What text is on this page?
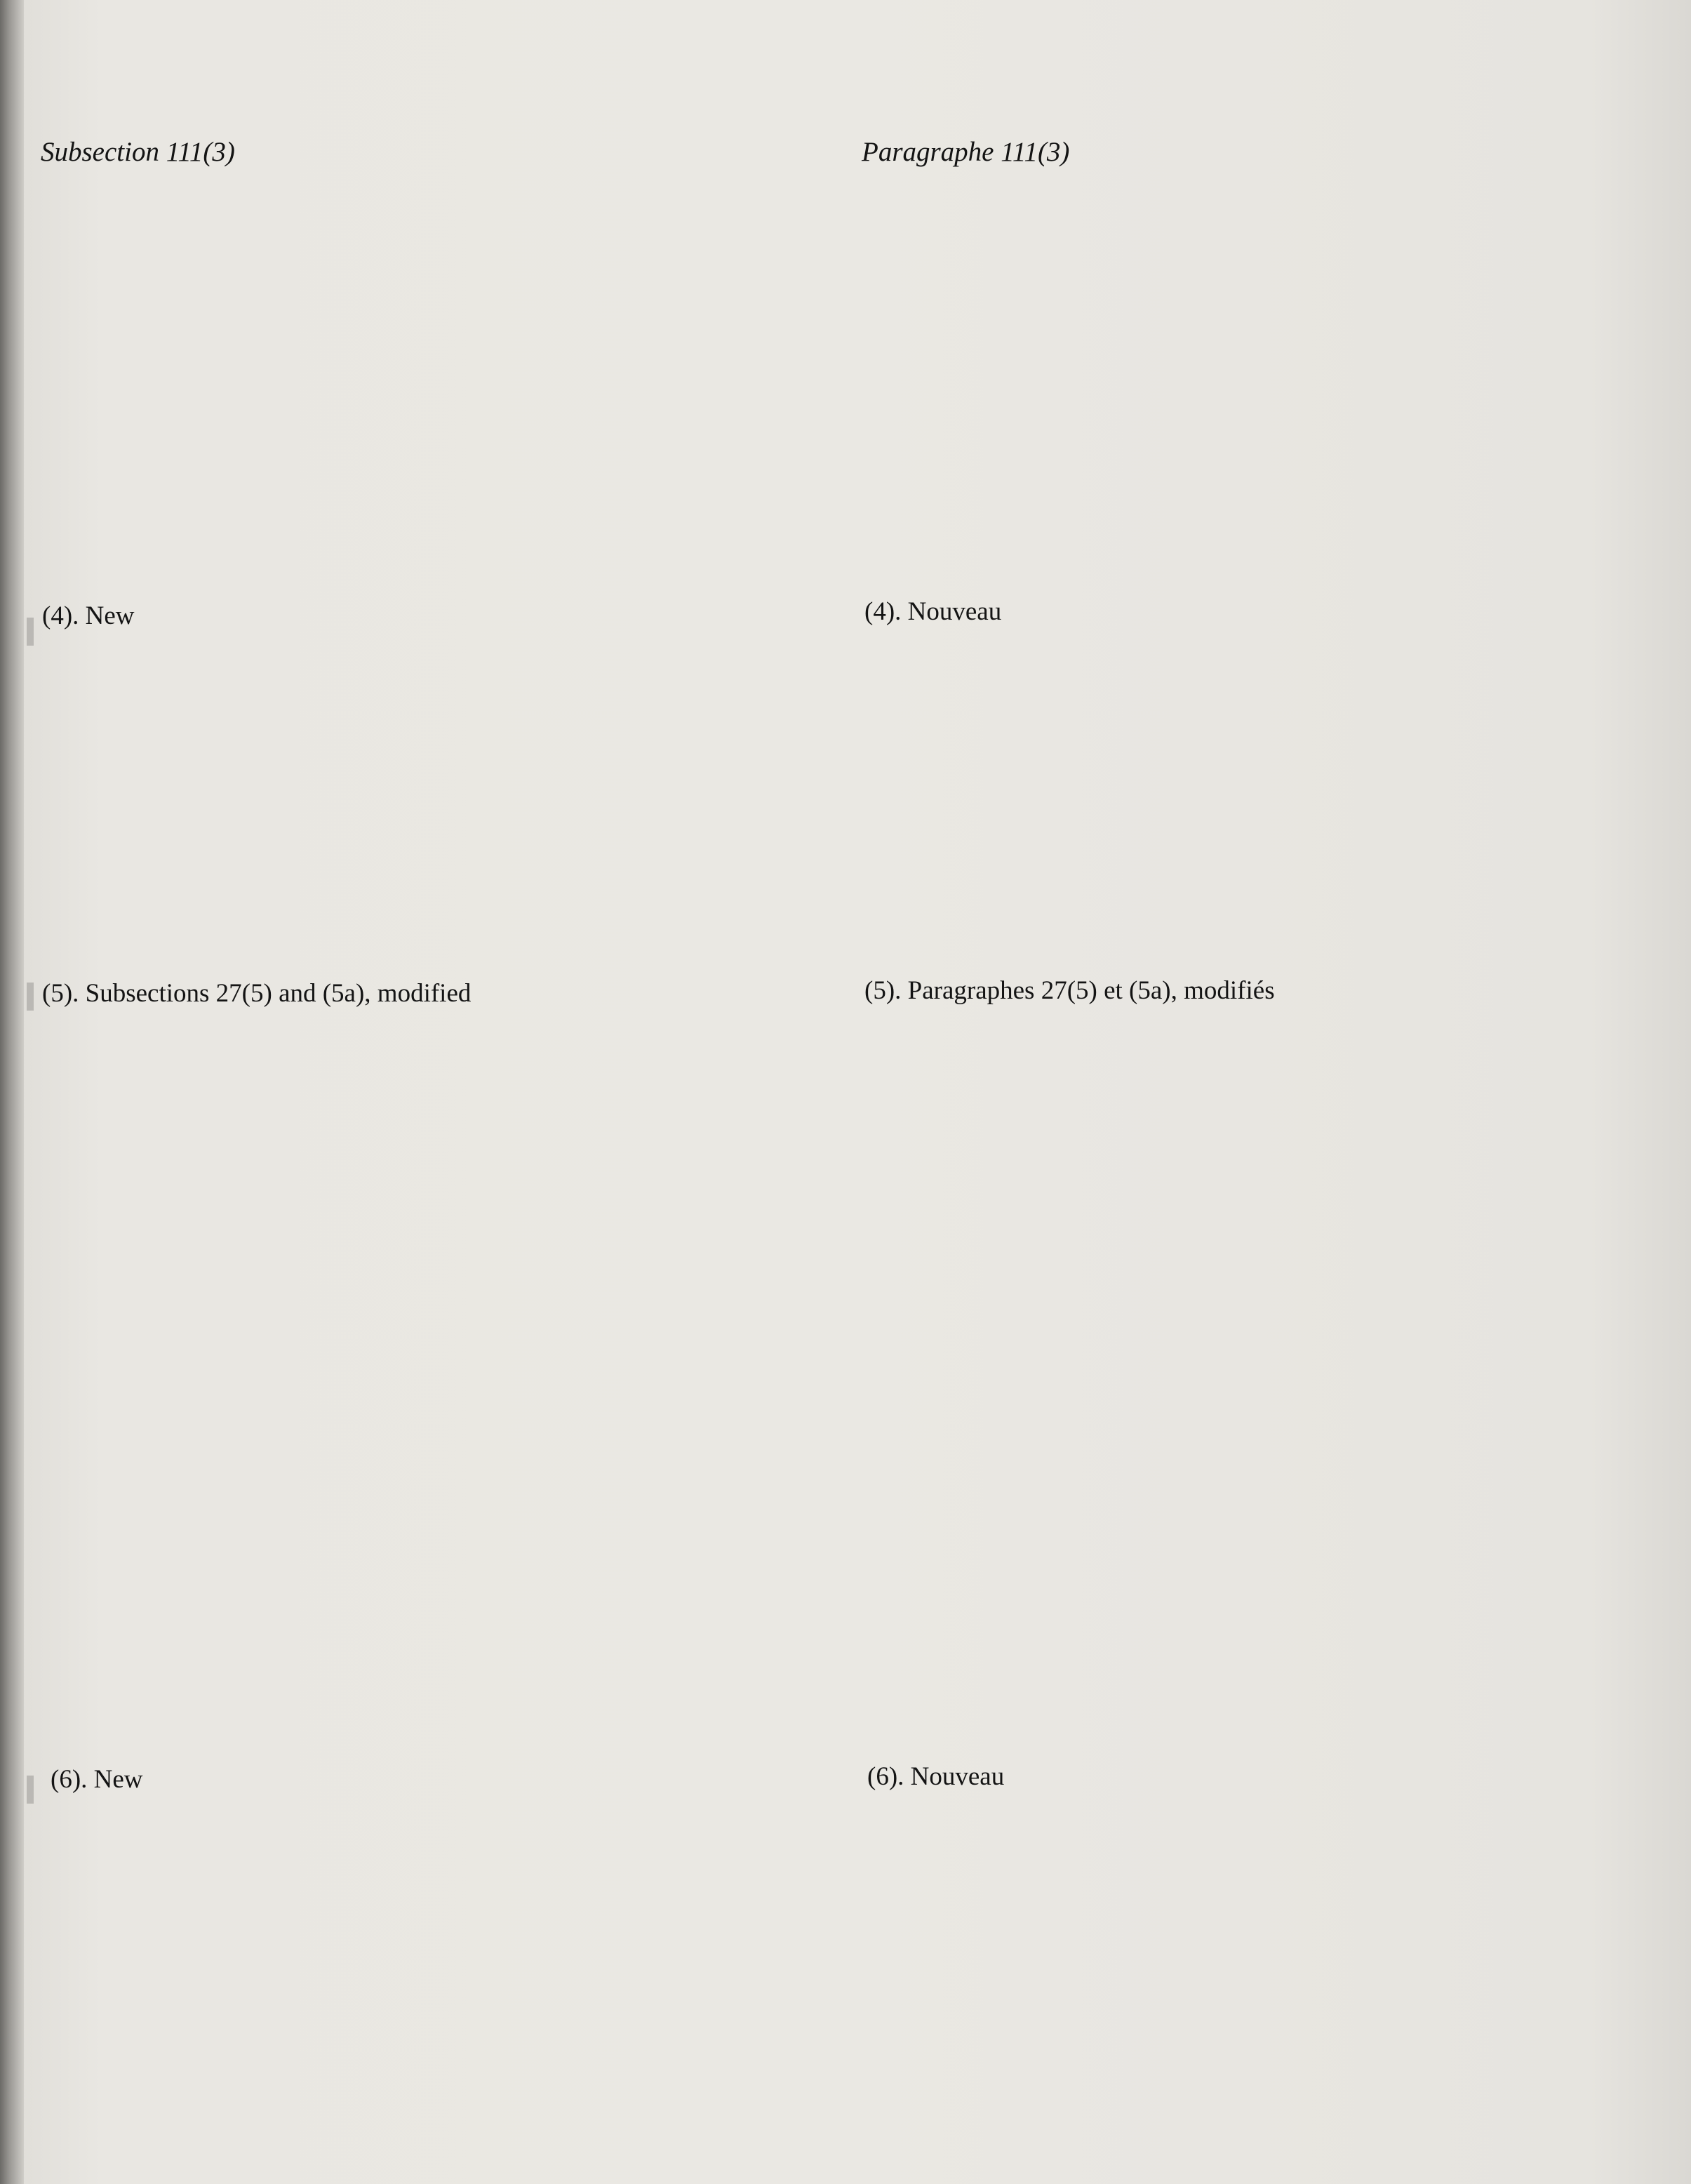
Subsection 111(3)	Paragraphe 111(3)
(4). New	(4). Nouveau
(5). Subsections 27(5) and (5a), modified	(5). Paragraphes 27(5) et (5a), modifiés
(6). New	(6). Nouveau
